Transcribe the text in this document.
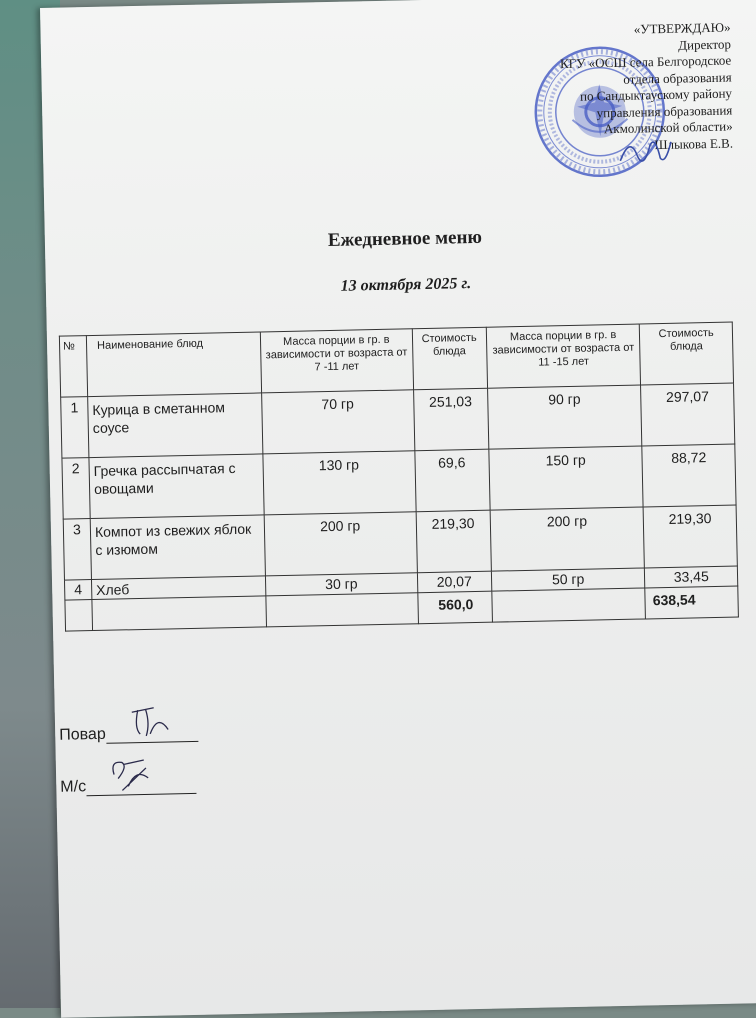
«УТВЕРЖДАЮ»
Директор
КГУ «ОСШ села Белгородское
отдела образования
по Сандыктаускому району
управления образования
Акмолинской области»
Шлыкова Е.В.
Ежедневное меню
13 октября 2025 г.
№	Наименование блюд	Масса порции в гр. в зависимости от возраста от 7 -11 лет	Стоимость блюда	Масса порции в гр. в зависимости от возраста от 11 -15 лет	Стоимость блюда
1	Курица в сметанном соусе	70 гр	251,03	90 гр	297,07
2	Гречка рассыпчатая с овощами	130 гр	69,6	150 гр	88,72
3	Компот из свежих яблок с изюмом	200 гр	219,30	200 гр	219,30
4	Хлеб	30 гр	20,07	50 гр	33,45
			560,0		638,54
Повар
М/с
